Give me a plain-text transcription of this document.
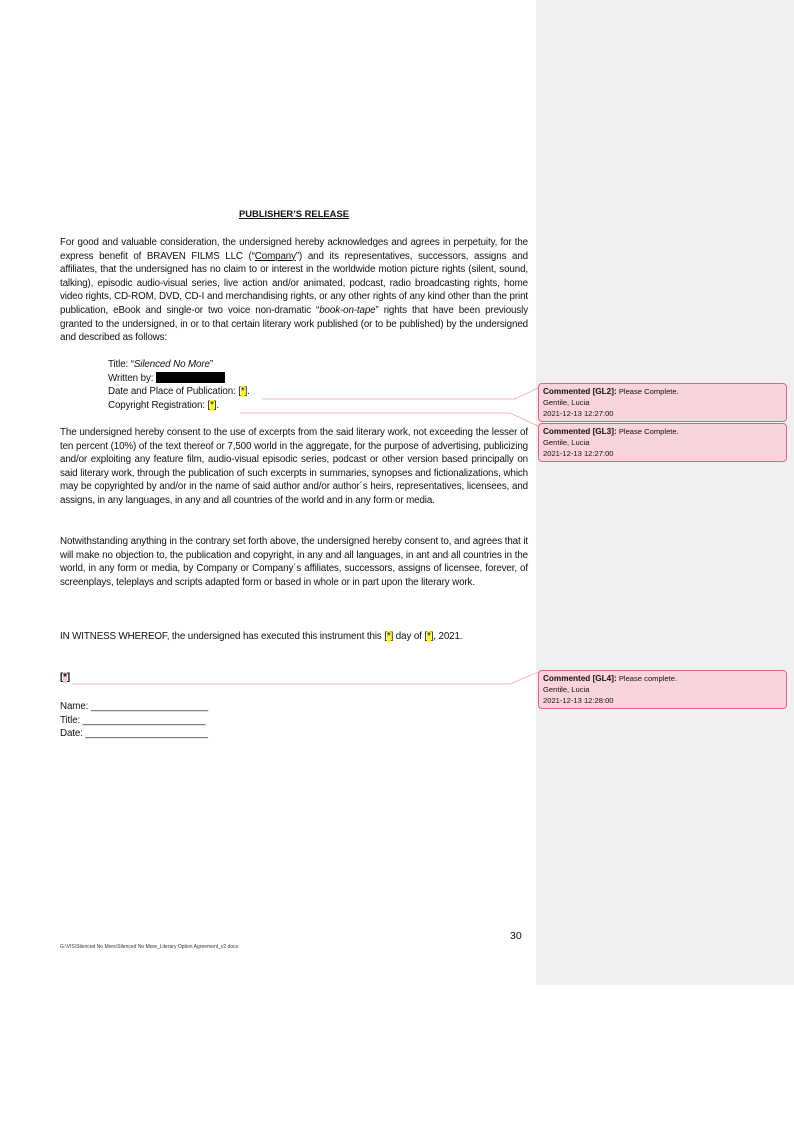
PUBLISHER’S RELEASE
For good and valuable consideration, the undersigned hereby acknowledges and agrees in perpetuity, for the express benefit of BRAVEN FILMS LLC (“Company”) and its representatives, successors, assigns and affiliates, that the undersigned has no claim to or interest in the worldwide motion picture rights (silent, sound, talking), episodic audio-visual series, live action and/or animated, podcast, radio broadcasting rights, home video rights, CD-ROM, DVD, CD-I and merchandising rights, or any other rights of any kind other than the print publication, eBook and single-or two voice non-dramatic “book-on-tape” rights that have been previously granted to the undersigned, in or to that certain literary work published (or to be published) by the undersigned and described as follows:
Title: “Silenced No More”
Written by:
Date and Place of Publication: [*].
Copyright Registration: [*].
The undersigned hereby consent to the use of excerpts from the said literary work, not exceeding the lesser of ten percent (10%) of the text thereof or 7,500 world in the aggregate, for the purpose of advertising, publicizing and/or exploiting any feature film, audio-visual episodic series, podcast or other version based principally on said literary work, through the publication of such excerpts in summaries, synopses and fictionalizations, which may be copyrighted by and/or in the name of said author and/or author´s heirs, representatives, licensees, and assigns, in any languages, in any and all countries of the world and in any form or media.
Notwithstanding anything in the contrary set forth above, the undersigned hereby consent to, and agrees that it will make no objection to, the publication and copyright, in any and all languages, in ant and all countries in the world, in any form or media, by Company or Company´s affiliates, successors, assigns of licensee, forever, of screenplays, teleplays and scripts adapted form or based in whole or in part upon the literary work.
IN WITNESS WHEREOF, the undersigned has executed this instrument this [*] day of [*], 2021.
[*]
Name: ______________________
Title: _______________________
Date: _______________________
Commented [GL2]: Please Complete.
Gentile, Lucia
2021-12-13 12:27:00
Commented [GL3]: Please Complete.
Gentile, Lucia
2021-12-13 12:27:00
Commented [GL4]: Please complete.
Gentile, Lucia
2021-12-13 12:28:00
30
G:\VIS\Silenced No More\Silenced No More_Literary Option Agreement_v2.docx
